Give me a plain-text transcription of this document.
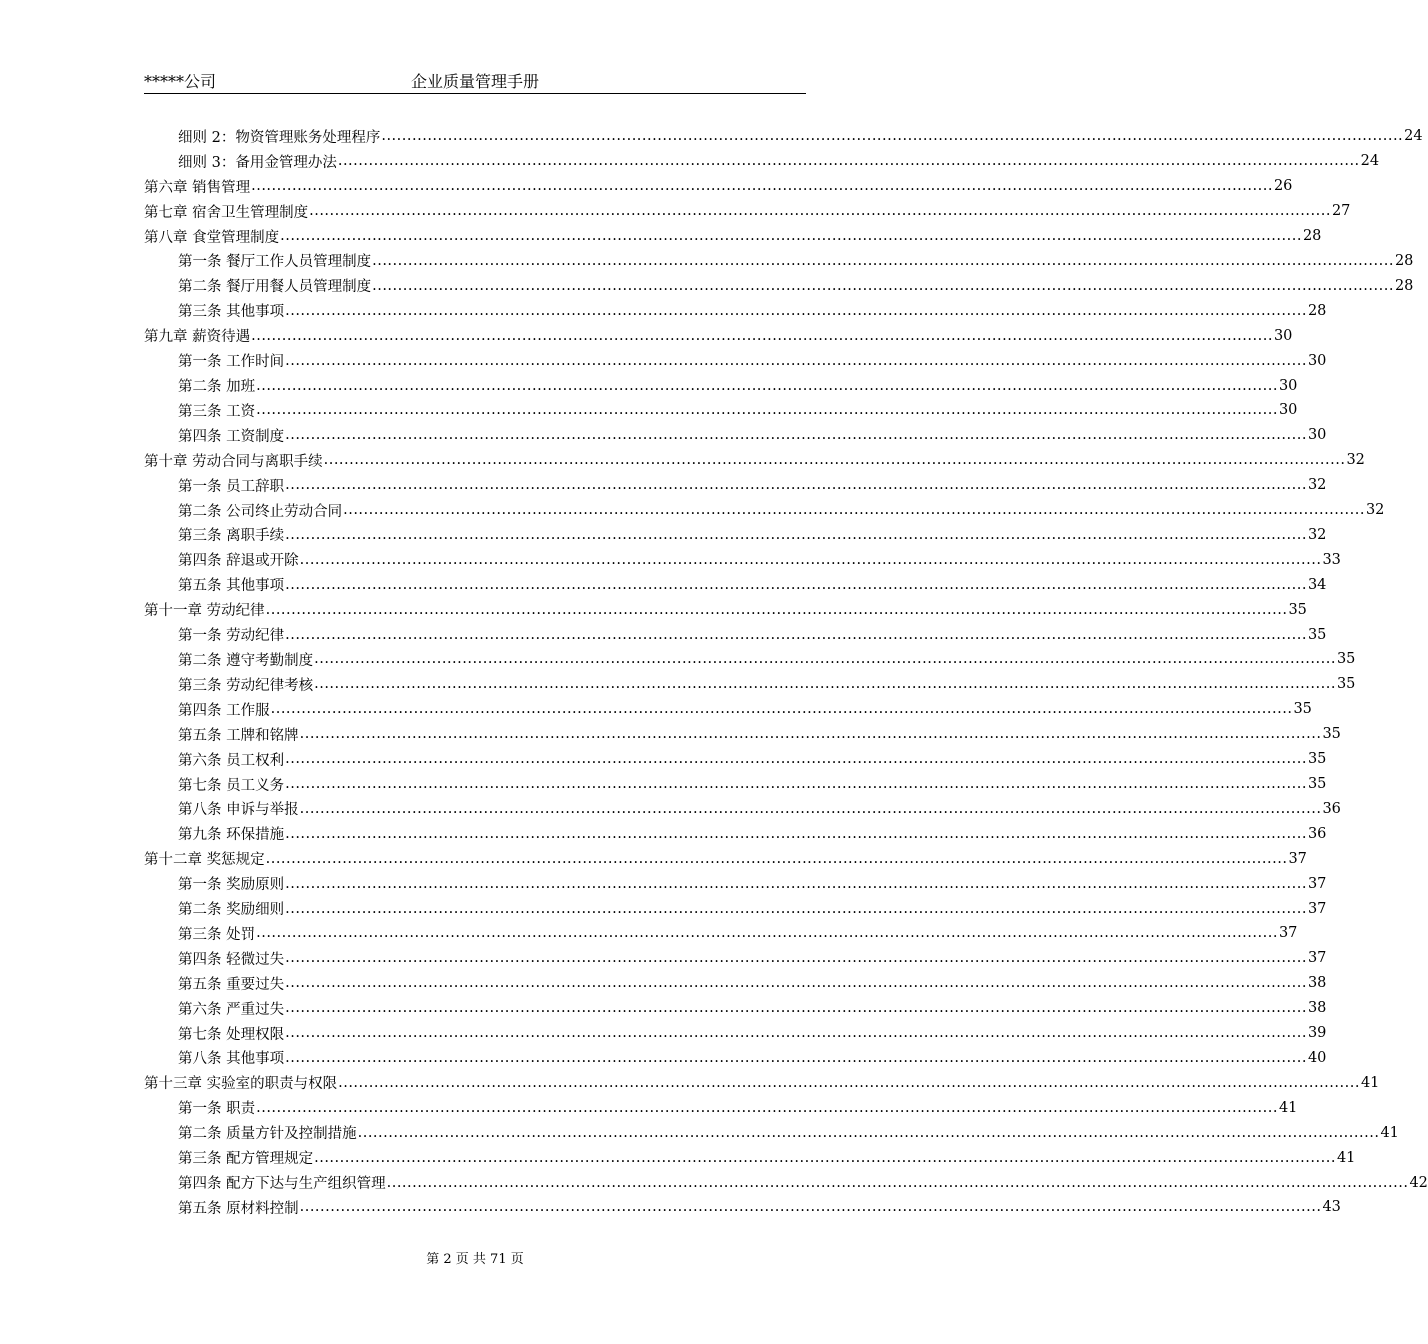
*****公司	企业质量管理手册
细则 2：物资管理账务处理程序 ........................................................................................................................................................................................................ 24
细则 3：备用金管理办法 ........................................................................................................................................................................................................ 24
第六章 销售管理 ........................................................................................................................................................................................................ 26
第七章 宿舍卫生管理制度 ........................................................................................................................................................................................................ 27
第八章 食堂管理制度 ........................................................................................................................................................................................................ 28
第一条 餐厅工作人员管理制度 ........................................................................................................................................................................................................ 28
第二条 餐厅用餐人员管理制度 ........................................................................................................................................................................................................ 28
第三条 其他事项 ........................................................................................................................................................................................................ 28
第九章 薪资待遇 ........................................................................................................................................................................................................ 30
第一条 工作时间 ........................................................................................................................................................................................................ 30
第二条 加班 ........................................................................................................................................................................................................ 30
第三条 工资 ........................................................................................................................................................................................................ 30
第四条 工资制度 ........................................................................................................................................................................................................ 30
第十章 劳动合同与离职手续 ........................................................................................................................................................................................................ 32
第一条 员工辞职 ........................................................................................................................................................................................................ 32
第二条 公司终止劳动合同 ........................................................................................................................................................................................................ 32
第三条 离职手续 ........................................................................................................................................................................................................ 32
第四条 辞退或开除 ........................................................................................................................................................................................................ 33
第五条 其他事项 ........................................................................................................................................................................................................ 34
第十一章 劳动纪律 ........................................................................................................................................................................................................ 35
第一条 劳动纪律 ........................................................................................................................................................................................................ 35
第二条 遵守考勤制度 ........................................................................................................................................................................................................ 35
第三条 劳动纪律考核 ........................................................................................................................................................................................................ 35
第四条 工作服 ........................................................................................................................................................................................................ 35
第五条 工牌和铭牌 ........................................................................................................................................................................................................ 35
第六条 员工权利 ........................................................................................................................................................................................................ 35
第七条 员工义务 ........................................................................................................................................................................................................ 35
第八条 申诉与举报 ........................................................................................................................................................................................................ 36
第九条 环保措施 ........................................................................................................................................................................................................ 36
第十二章 奖惩规定 ........................................................................................................................................................................................................ 37
第一条 奖励原则 ........................................................................................................................................................................................................ 37
第二条 奖励细则 ........................................................................................................................................................................................................ 37
第三条 处罚 ........................................................................................................................................................................................................ 37
第四条 轻微过失 ........................................................................................................................................................................................................ 37
第五条 重要过失 ........................................................................................................................................................................................................ 38
第六条 严重过失 ........................................................................................................................................................................................................ 38
第七条 处理权限 ........................................................................................................................................................................................................ 39
第八条 其他事项 ........................................................................................................................................................................................................ 40
第十三章 实验室的职责与权限 ........................................................................................................................................................................................................ 41
第一条 职责 ........................................................................................................................................................................................................ 41
第二条 质量方针及控制措施 ........................................................................................................................................................................................................ 41
第三条 配方管理规定 ........................................................................................................................................................................................................ 41
第四条 配方下达与生产组织管理 ........................................................................................................................................................................................................ 42
第五条 原材料控制 ........................................................................................................................................................................................................ 43
第 2 页 共 71 页
